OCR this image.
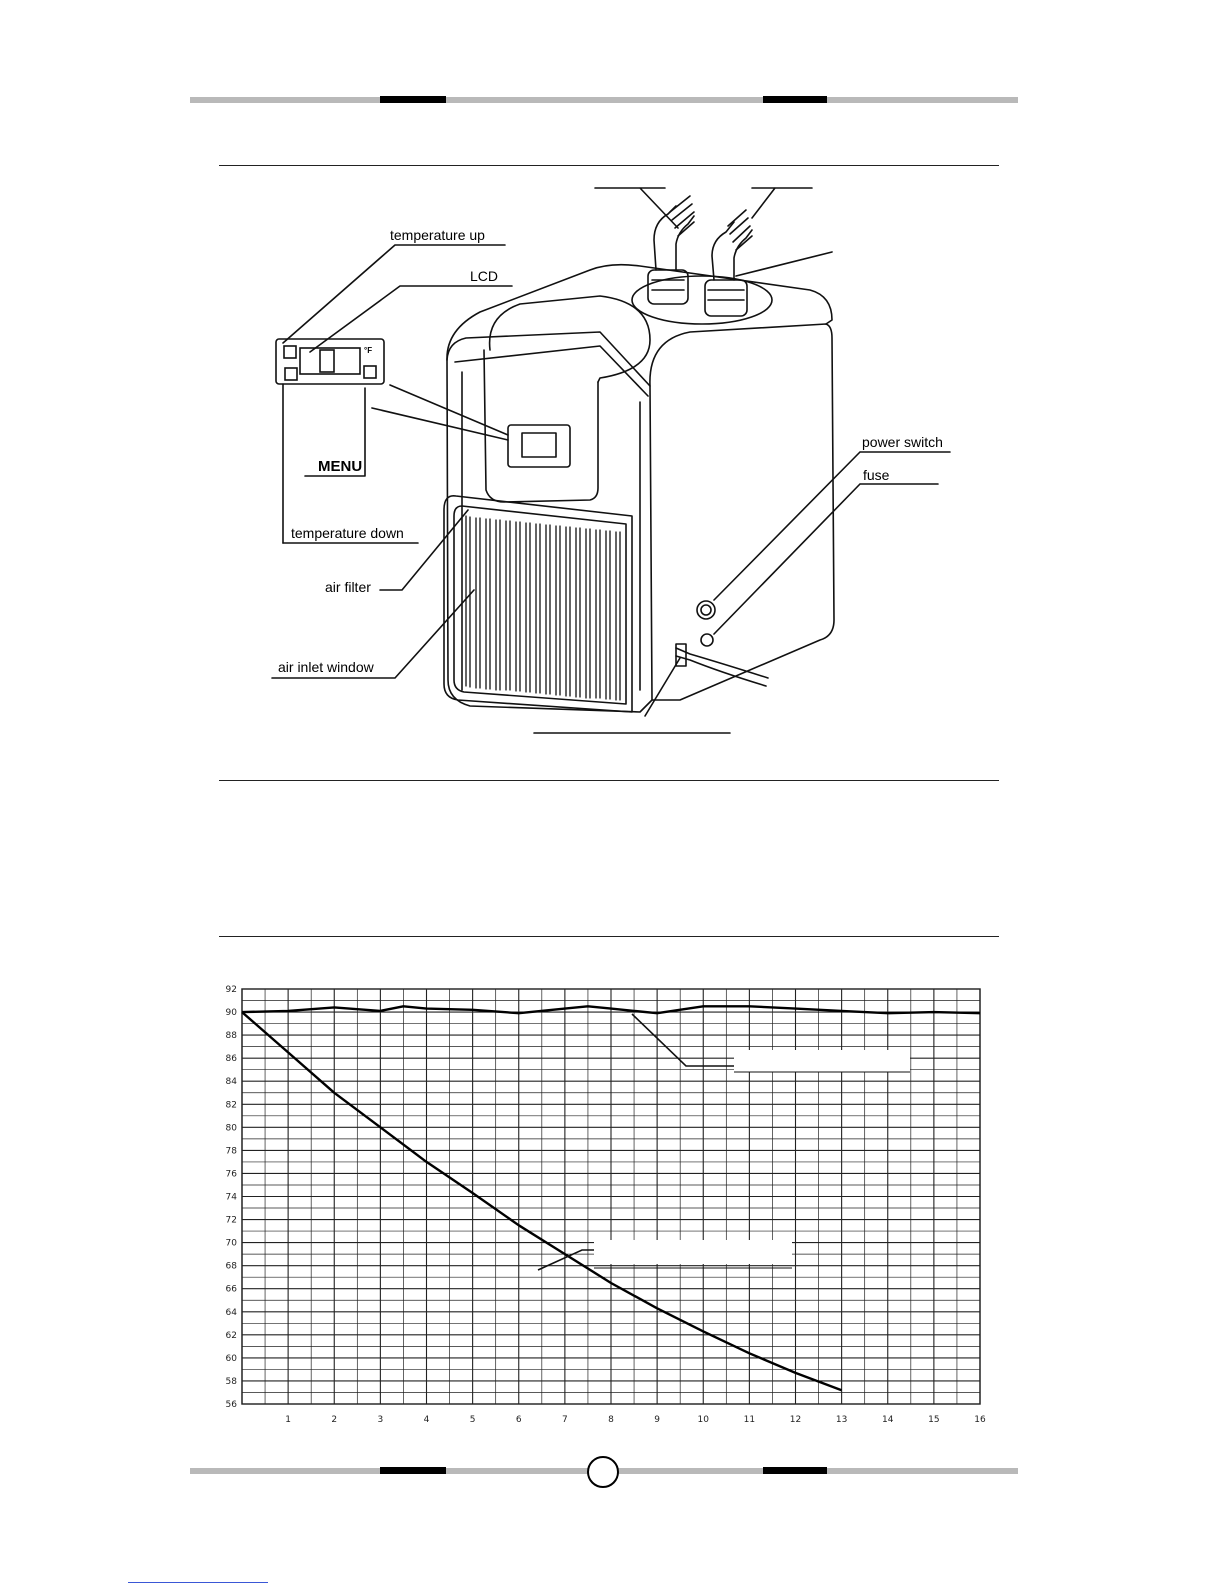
temperature up
LCD
°F
MENU
temperature down
air filter
air inlet window
power switch
fuse
92
90
88
86
84
82
80
78
76
74
72
70
68
66
64
62
60
58
56
1	2	3	4	5	6	7	8	9	10	11	12	13	14	15	16
